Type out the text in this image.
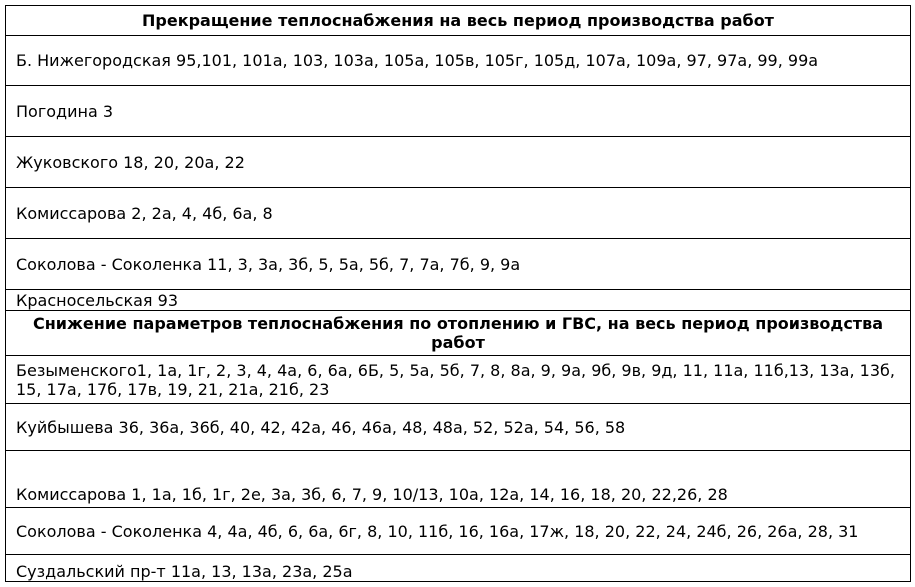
Прекращение теплоснабжения на весь период производства работ
Б. Нижегородская 95,101, 101а, 103, 103а, 105а, 105в, 105г, 105д, 107а, 109а, 97, 97а, 99, 99а
Погодина 3
Жуковского 18, 20, 20а, 22
Комиссарова 2, 2а, 4, 4б, 6а, 8
Соколова - Соколенка 11, 3, 3а, 3б, 5, 5а, 5б, 7, 7а, 7б, 9, 9а
Красносельская 93
Снижение параметров теплоснабжения по отоплению и ГВС, на весь период производства работ
Безыменского1, 1а, 1г, 2, 3, 4, 4а, 6, 6а, 6Б, 5, 5а, 5б, 7, 8, 8а, 9, 9а, 9б, 9в, 9д, 11, 11а, 11б,13, 13а, 13б, 15, 17а, 17б, 17в, 19, 21, 21а, 21б, 23
Куйбышева 36, 36а, 36б, 40, 42, 42а, 46, 46а, 48, 48а, 52, 52а, 54, 56, 58
Комиссарова 1, 1а, 1б, 1г, 2е, 3а, 3б, 6, 7, 9, 10/13, 10а, 12а, 14, 16, 18, 20, 22,26, 28
Соколова - Соколенка 4, 4а, 4б, 6, 6а, 6г, 8, 10, 11б, 16, 16а, 17ж, 18, 20, 22, 24, 24б, 26, 26а, 28, 31
Суздальский пр-т 11а, 13, 13а, 23а, 25а
